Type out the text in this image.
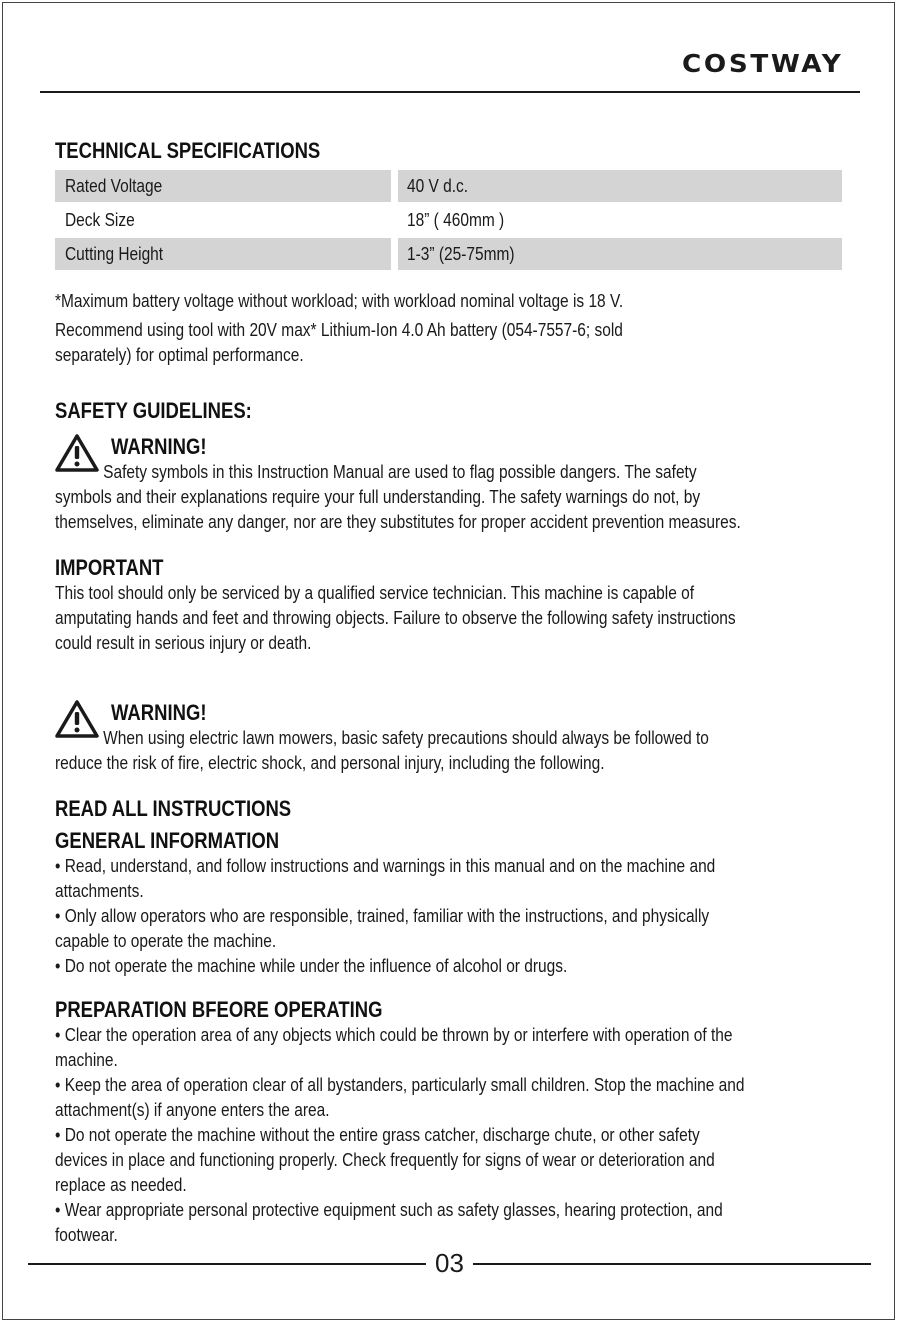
COSTWAY
TECHNICAL SPECIFICATIONS
Rated Voltage	40 V d.c.
Deck Size	18” ( 460mm )
Cutting Height	1-3” (25-75mm)
*Maximum battery voltage without workload; with workload nominal voltage is 18 V.
Recommend using tool with 20V max* Lithium-Ion 4.0 Ah battery (054-7557-6; sold
separately) for optimal performance.
SAFETY GUIDELINES:
WARNING!
Safety symbols in this Instruction Manual are used to flag possible dangers. The safety
symbols and their explanations require your full understanding. The safety warnings do not, by
themselves, eliminate any danger, nor are they substitutes for proper accident prevention measures.
IMPORTANT
This tool should only be serviced by a qualified service technician. This machine is capable of
amputating hands and feet and throwing objects. Failure to observe the following safety instructions
could result in serious injury or death.
WARNING!
When using electric lawn mowers, basic safety precautions should always be followed to
reduce the risk of fire, electric shock, and personal injury, including the following.
READ ALL INSTRUCTIONS
GENERAL INFORMATION
• Read, understand, and follow instructions and warnings in this manual and on the machine and
attachments.
• Only allow operators who are responsible, trained, familiar with the instructions, and physically
capable to operate the machine.
• Do not operate the machine while under the influence of alcohol or drugs.
PREPARATION BFEORE OPERATING
• Clear the operation area of any objects which could be thrown by or interfere with operation of the
machine.
• Keep the area of operation clear of all bystanders, particularly small children. Stop the machine and
attachment(s) if anyone enters the area.
• Do not operate the machine without the entire grass catcher, discharge chute, or other safety
devices in place and functioning properly. Check frequently for signs of wear or deterioration and
replace as needed.
• Wear appropriate personal protective equipment such as safety glasses, hearing protection, and
footwear.
03
